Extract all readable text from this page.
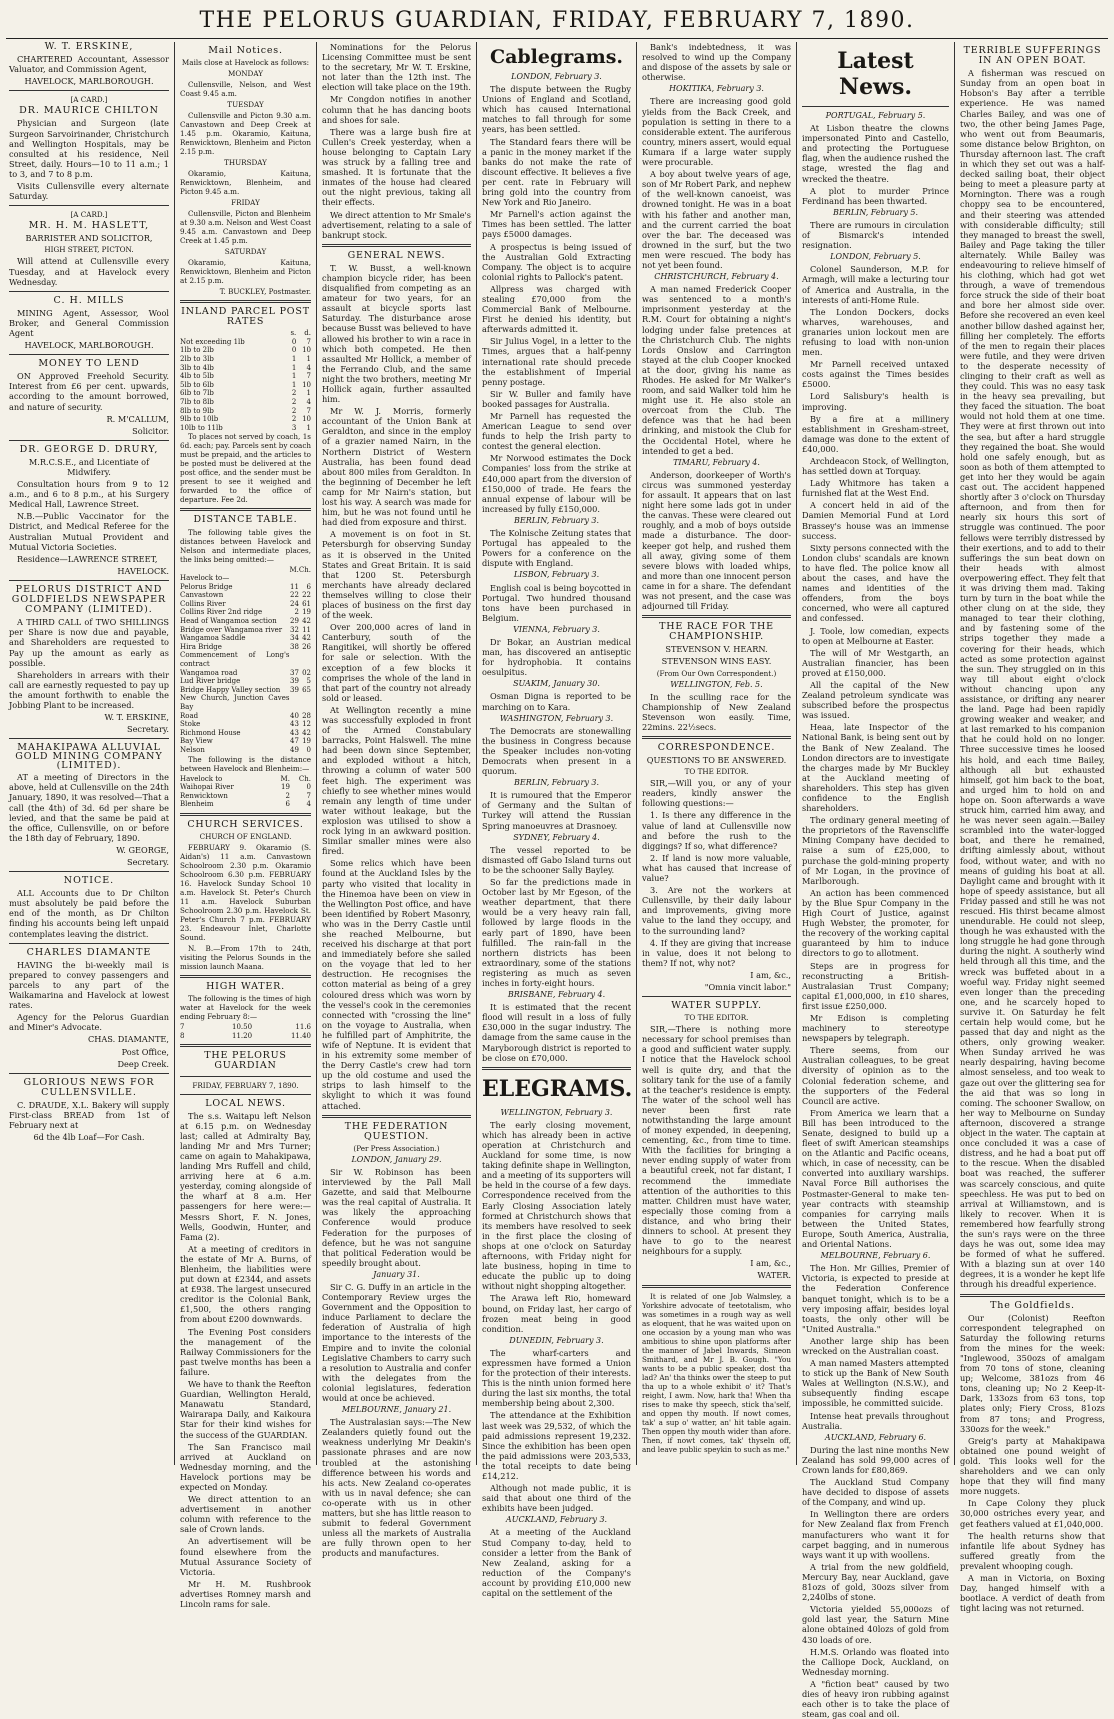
THE PELORUS GUARDIAN, FRIDAY, FEBRUARY 7, 1890.

W. T. ERSKINE,

CHARTERED Accountant, Assessor Valuator, and Commission Agent,

HAVELOCK, MARLBOROUGH.

[A CARD.]

DR. MAURICE CHILTON

Physician and Surgeon (late Surgeon Sarvoirinander, Christchurch and Wellington Hospitals, may be consulted at his residence, Neil Street, daily. Hours—10 to 11 a.m.; 1 to 3, and 7 to 8 p.m.

Visits Cullensville every alternate Saturday.

[A CARD.]

MR. H. M. HASLETT,

BARRISTER AND SOLICITOR,

HIGH STREET, PICTON.

Will attend at Cullensville every Tuesday, and at Havelock every Wednesday.

C. H. MILLS

MINING Agent, Assessor, Wool Broker, and General Commission Agent

HAVELOCK, MARLBOROUGH.

MONEY TO LEND

ON Approved Freehold Security. Interest from £6 per cent. upwards, according to the amount borrowed, and nature of security.

R. M'CALLUM,

Solicitor.

DR. GEORGE D. DRURY,

M.R.C.S.E., and Licentiate of Midwifery.

Consultation hours from 9 to 12 a.m., and 6 to 8 p.m., at his Surgery Medical Hall, Lawrence Street.

N.B.—Public Vaccinator for the District, and Medical Referee for the Australian Mutual Provident and Mutual Victoria Societies.

Residence—LAWRENCE STREET,

HAVELOCK.

PELORUS DISTRICT AND GOLDFIELDS NEWSPAPER COMPANY (LIMITED).

A THIRD CALL of TWO SHILLINGS per Share is now due and payable, and Shareholders are requested to Pay up the amount as early as possible.

Shareholders in arrears with their call are earnestly requested to pay up the amount forthwith to enable the Jobbing Plant to be increased.

W. T. ERSKINE,

Secretary.

MAHAKIPAWA ALLUVIAL GOLD MINING COMPANY (LIMITED).

AT a meeting of Directors in the above, held at Cullensville on the 24th January, 1890, it was resolved—That a call (the 4th) of 3d. 6d per share be levied, and that the same be paid at the office, Cullensville, on or before the 18th day of February, 1890.

W. GEORGE,

Secretary.

NOTICE.

ALL Accounts due to Dr Chilton must absolutely be paid before the end of the month, as Dr Chilton finding his accounts being left unpaid contemplates leaving the district.

CHARLES DIAMANTE

HAVING the bi-weekly mail is prepared to convey passengers and parcels to any part of the Waikamarina and Havelock at lowest rates.

Agency for the Pelorus Guardian and Miner's Advocate.

CHAS. DIAMANTE,

Post Office,

Deep Creek.

GLORIOUS NEWS FOR CULLENSVILLE.

C. DRAUDE, X.L. Bakery will supply First-class BREAD from 1st of February next at

6d the 4lb Loaf—For Cash.

Mail Notices.

Mails close at Havelock as follows:

MONDAY

Cullensville, Nelson, and West Coast 9.45 a.m.

TUESDAY

Cullensville and Picton 9.30 a.m. Canvastown and Deep Creek at 1.45 p.m. Okaramio, Kaituna, Renwicktown, Blenheim and Picton 2.15 p.m.

THURSDAY

Okaramio, Kaituna, Renwicktown, Blenheim, and Picton 9.45 a.m.

FRIDAY

Cullensville, Picton and Blenheim at 9.30 a.m. Nelson and West Coast 9.45 a.m. Canvastown and Deep Creek at 1.45 p.m.

SATURDAY

Okaramio, Kaituna, Renwicktown, Blenheim and Picton at 2.15 p.m.

T. BUCKLEY, Postmaster.

INLAND PARCEL POST RATES

	s.	d.
Not exceeding 1lb	0	7
1lb to 2lb	0	10
2lb to 3lb	1	1
3lb to 4lb	1	4
4lb to 5lb	1	7
5lb to 6lb	1	10
6lb to 7lb	2	1
7lb to 8lb	2	4
8lb to 9lb	2	7
9lb to 10lb	2	10
10lb to 11lb	3	1

To places not served by coach, 1s 6d. each; pay. Parcels sent by coach must be prepaid, and the articles to be posted must be delivered at the post office, and the sender must be present to see it weighed and forwarded to the office of departure. Fee 2d.

DISTANCE TABLE.

The following table gives the distances between Havelock and Nelson and intermediate places, the links being omitted:—

	M.	Ch.
Havelock to—		
Pelorus Bridge	11	6
Canvastown	22	22
Collins River	24	61
Collins River 2nd ridge	2	19
Head of Wangamoa section	29	42
Bridge over Wangamoa river	32	11
Wangamoa Saddle	34	42
Hira Bridge	38	26
Commencement of Long's contract		
Wangamoa road	37	02
Lud River bridge	39	5
Bridge Happy Valley section	39	65
New Church, Junction Caves Bay		
Road	40	28
Stoke	43	12
Richmond House	43	42
Bay View	47	19
Nelson	49	0

The following is the distance between Havelock and Blenheim:—

Havelock to	M.	Ch.
Waihopai River	19	0
Renwicktown	2	7
Blenheim	6	4

CHURCH SERVICES.

CHURCH OF ENGLAND.

FEBRUARY 9. Okaramio (S. Aidan's) 11 a.m. Canvastown Schoolroom 2.30 p.m. Okaramio Schoolroom 6.30 p.m. FEBRUARY 16. Havelock Sunday School 10 a.m. Havelock St. Peter's Church 11 a.m. Havelock Suburban Schoolroom 2.30 p.m. Havelock St. Peter's Church 7 p.m. FEBRUARY 23. Endeavour Inlet, Charlotte Sound.

N. B.—From 17th to 24th, visiting the Pelorus Sounds in the mission launch Maana.

HIGH WATER.

The following is the times of high water at Havelock for the week ending February 8:—

7	10.50	11.6
8	11.20	11.40

THE PELORUS GUARDIAN

FRIDAY, FEBRUARY 7, 1890.

LOCAL NEWS.

The s.s. Waitapu left Nelson at 6.15 p.m. on Wednesday last; called at Admiralty Bay, landing Mr and Mrs Turner; came on again to Mahakipawa, landing Mrs Ruffell and child, arriving here at 6 a.m. yesterday, coming alongside of the wharf at 8 a.m. Her passengers for here were:—Messrs Short, F. N. Jones, Wells, Goodwin, Hunter, and Fama (2).

At a meeting of creditors in the estate of Mr A. Burns, of Blenheim, the liabilities were put down at £2344, and assets at £938. The largest unsecured creditor is the Colonial Bank, £1,500, the others ranging from about £200 downwards.

The Evening Post considers the management of the Railway Commissioners for the past twelve months has been a failure.

We have to thank the Reefton Guardian, Wellington Herald, Manawatu Standard, Wairarapa Daily, and Kaikoura Star for their kind wishes for the success of the GUARDIAN.

The San Francisco mail arrived at Auckland on Wednesday morning, and the Havelock portions may be expected on Monday.

We direct attention to an advertisement in another column with reference to the sale of Crown lands.

An advertisement will be found elsewhere from the Mutual Assurance Society of Victoria.

Mr H. M. Rushbrook advertises Romney marsh and Lincoln rams for sale.

Nominations for the Pelorus Licensing Committee must be sent to the secretary, Mr W. T. Erskine, not later than the 12th inst. The election will take place on the 19th.

Mr Congdon notifies in another column that he has dancing boots and shoes for sale.

There was a large bush fire at Cullen's Creek yesterday, when a house belonging to Captain Lary was struck by a falling tree and smashed. It is fortunate that the inmates of the house had cleared out the night previous, taking all their effects.

We direct attention to Mr Smale's advertisement, relating to a sale of bankrupt stock.

GENERAL NEWS.

T. W. Busst, a well-known champion bicycle rider, has been disqualified from competing as an amateur for two years, for an assault at bicycle sports last Saturday. The disturbance arose because Busst was believed to have allowed his brother to win a race in which both competed. He then assaulted Mr Hollick, a member of the Ferrando Club, and the same night the two brothers, meeting Mr Hollick again, further assaulted him.

Mr W. J. Morris, formerly accountant of the Union Bank at Geraldton, and since in the employ of a grazier named Nairn, in the Northern District of Western Australia, has been found dead about 800 miles from Geraldton. In the beginning of December he left camp for Mr Nairn's station, but lost his way. A search was made for him, but he was not found until he had died from exposure and thirst.

A movement is on foot in St. Petersburgh for observing Sunday as it is observed in the United States and Great Britain. It is said that 1200 St. Petersburgh merchants have already declared themselves willing to close their places of business on the first day of the week.

Over 200,000 acres of land in Canterbury, south of the Rangitikei, will shortly be offered for sale or selection. With the exception of a few blocks it comprises the whole of the land in that part of the country not already sold or leased.

At Wellington recently a mine was successfully exploded in front of the Armed Constabulary barracks, Point Halswell. The mine had been down since September, and exploded without a hitch, throwing a column of water 500 feet high. The experiment was chiefly to see whether mines would remain any length of time under water without leakage, but the explosion was utilised to show a rock lying in an awkward position. Similar smaller mines were also fired.

Some relics which have been found at the Auckland Isles by the party who visited that locality in the Hinemoa have been on view in the Wellington Post office, and have been identified by Robert Masonry, who was in the Derry Castle until she reached Melbourne, but received his discharge at that port and immediately before she sailed on the voyage that led to her destruction. He recognises the cotton material as being of a grey coloured dress which was worn by the vessel's cook in the ceremonies connected with "crossing the line" on the voyage to Australia, when he fulfilled part of Amphitrite, the wife of Neptune. It is evident that in his extremity some member of the Derry Castle's crew had torn up the old costume and used the strips to lash himself to the skylight to which it was found attached.

THE FEDERATION QUESTION.

(Per Press Association.)

LONDON, January 29.

Sir W. Robinson has been interviewed by the Pall Mall Gazette, and said that Melbourne was the real capital of Australia. It was likely the approaching Conference would produce Federation for the purposes of defence, but he was not sanguine that political Federation would be speedily brought about.

January 31.

Sir C. G. Duffy in an article in the Contemporary Review urges the Government and the Opposition to induce Parliament to declare the federation of Australia of high importance to the interests of the Empire and to invite the colonial Legislative Chambers to carry such a resolution to Australia and confer with the delegates from the colonial legislatures, federation would at once be achieved.

MELBOURNE, January 21.

The Australasian says:—The New Zealanders quietly found out the weakness underlying Mr Deakin's passionate phrases and are now troubled at the astonishing difference between his words and his acts. New Zealand co-operates with us in naval defence; she can co-operate with us in other matters, but she has little reason to submit to federal Government unless all the markets of Australia are fully thrown open to her products and manufactures.

Cablegrams.

LONDON, February 3.

The dispute between the Rugby Unions of England and Scotland, which has caused International matches to fall through for some years, has been settled.

The Standard fears there will be a panic in the money market if the banks do not make the rate of discount effective. It believes a five per cent. rate in February will bring gold into the country from New York and Rio Janeiro.

Mr Parnell's action against the Times has been settled. The latter pays £5000 damages.

A prospectus is being issued of the Australian Gold Extracting Company. The object is to acquire colonial rights to Pallock's patent.

Allpress was charged with stealing £70,000 from the Commercial Bank of Melbourne. First he denied his identity, but afterwards admitted it.

Sir Julius Vogel, in a letter to the Times, argues that a half-penny international rate should precede the establishment of Imperial penny postage.

Sir W. Buller and family have booked passages for Australia.

Mr Parnell has requested the American League to send over funds to help the Irish party to contest the general election.

Mr Norwood estimates the Dock Companies' loss from the strike at £40,000 apart from the diversion of £150,000 of trade. He fears the annual expense of labour will be increased by fully £150,000.

BERLIN, February 3.

The Kolnische Zeitung states that Portugal has appealed to the Powers for a conference on the dispute with England.

LISBON, February 3.

English coal is being boycotted in Portugal. Two hundred thousand tons have been purchased in Belgium.

VIENNA, February 3.

Dr Bokar, an Austrian medical man, has discovered an antiseptic for hydrophobia. It contains oesulpitus.

SUAKIM, January 30.

Osman Digna is reported to be marching on to Kara.

WASHINGTON, February 3.

The Democrats are stonewalling the business in Congress because the Speaker includes non-voting Democrats when present in a quorum.

BERLIN, February 3.

It is rumoured that the Emperor of Germany and the Sultan of Turkey will attend the Russian Spring manoeuvres at Drasnoey.

SYDNEY, February 4.

The vessel reported to be dismasted off Gabo Island turns out to be the schooner Sally Bayley.

So far the predictions made in October last by Mr Egeson, of the weather department, that there would be a very heavy rain fall, followed by large floods in the early part of 1890, have been fulfilled. The rain-fall in the northern districts has been extraordinary, some of the stations registering as much as seven inches in forty-eight hours.

BRISBANE, February 4.

It is estimated that the recent flood will result in a loss of fully £30,000 in the sugar industry. The damage from the same cause in the Maryborough district is reported to be close on £70,000.

ELEGRAMS.

WELLINGTON, February 3.

The early closing movement, which has already been in active operation at Christchurch and Auckland for some time, is now taking definite shape in Wellington, and a meeting of its supporters will be held in the course of a few days. Correspondence received from the Early Closing Association lately formed at Christchurch shows that its members have resolved to seek in the first place the closing of shops at one o'clock on Saturday afternoons, with Friday night for late business, hoping in time to educate the public up to doing without night shopping altogether.

The Arawa left Rio, homeward bound, on Friday last, her cargo of frozen meat being in good condition.

DUNEDIN, February 3.

The wharf-carters and expressmen have formed a Union for the protection of their interests. This is the ninth union formed here during the last six months, the total membership being about 2,300.

The attendance at the Exhibition last week was 29,532, of which the paid admissions represent 19,232. Since the exhibition has been open the paid admissions were 203,533, the total receipts to date being £14,212.

Although not made public, it is said that about one third of the exhibits have been judged.

AUCKLAND, February 3.

At a meeting of the Auckland Stud Company to-day, held to consider a letter from the Bank of New Zealand, asking for a reduction of the Company's account by providing £10,000 new capital on the settlement of the

Bank's indebtedness, it was resolved to wind up the Company and dispose of the assets by sale or otherwise.

HOKITIKA, February 3.

There are increasing good gold yields from the Back Creek, and population is setting in there to a considerable extent. The auriferous country, miners assert, would equal Kumara if a large water supply were procurable.

A boy about twelve years of age, son of Mr Robert Park, and nephew of the well-known canoeist, was drowned tonight. He was in a boat with his father and another man, and the current carried the boat over the bar. The deceased was drowned in the surf, but the two men were rescued. The body has not yet been found.

CHRISTCHURCH, February 4.

A man named Frederick Cooper was sentenced to a month's imprisonment yesterday at the R.M. Court for obtaining a night's lodging under false pretences at the Christchurch Club. The nights Lords Onslow and Carrington stayed at the club Cooper knocked at the door, giving his name as Rhodes. He asked for Mr Walker's room, and said Walker told him he might use it. He also stole an overcoat from the Club. The defence was that he had been drinking, and mistook the Club for the Occidental Hotel, where he intended to get a bed.

TIMARU, February 4.

Anderson, doorkeeper of Worth's circus was summoned yesterday for assault. It appears that on last night here some lads got in under the canvas. These were cleared out roughly, and a mob of boys outside made a disturbance. The door-keeper got help, and rushed them all away, giving some of them severe blows with loaded whips, and more than one innocent person came in for a share. The defendant was not present, and the case was adjourned till Friday.

THE RACE FOR THE CHAMPIONSHIP.

STEVENSON V. HEARN.

STEVENSON WINS EASY.

(From Our Own Correspondent.)

WELLINGTON, Feb. 5.

In the sculling race for the Championship of New Zealand Stevenson won easily. Time, 22mins. 22½secs.

CORRESPONDENCE.

QUESTIONS TO BE ANSWERED.

TO THE EDITOR.

SIR,—Will you, or any of your readers, kindly answer the following questions:—

1. Is there any difference in the value of land at Cullensville now and before the rush to the diggings? If so, what difference?

2. If land is now more valuable, what has caused that increase of value?

3. Are not the workers at Cullensville, by their daily labour and improvements, giving more value to the land they occupy, and to the surrounding land?

4. If they are giving that increase in value, does it not belong to them? If not, why not?

I am, &c.,

"Omnia vincit labor."

WATER SUPPLY.

TO THE EDITOR.

SIR,—There is nothing more necessary for school premises than a good and sufficient water supply. I notice that the Havelock school well is quite dry, and that the solitary tank for the use of a family at the teacher's residence is empty. The water of the school well has never been first rate notwithstanding the large amount of money expended, in deepening, cementing, &c., from time to time. With the facilities for bringing a never ending supply of water from a beautiful creek, not far distant, I recommend the immediate attention of the authorities to this matter. Children must have water, especially those coming from a distance, and who bring their dinners to school. At present they have to go to the nearest neighbours for a supply.

I am, &c.,

WATER.

It is related of one Job Walmsley, a Yorkshire advocate of teetotalism, who was sometimes in a rough way as well as eloquent, that he was waited upon on one occasion by a young man who was ambitious to shine upon platforms after the manner of Jabel Inwards, Simeon Smithard, and Mr J. B. Gough. "You wants to be a public speaker, dost tha lad? An' tha thinks ower the steep to put tha up to a whole exhibit o' it? That's reight, I awm. Now, hark tha! When tha rises to make thy speech, stick tha'self, and oppen thy mouth. If nowt comes, tak' a sup o' watter, an' hit table again. Then oppen thy mouth wider than afore. Then, if nowt comes, tak' thyseln off, and leave public speykin to such as me."

Latest News.

PORTUGAL, February 5.

At Lisbon theatre the clowns impersonated Pinto and Castello, and protecting the Portuguese flag, when the audience rushed the stage, wrested the flag and wrecked the theatre.

A plot to murder Prince Ferdinand has been thwarted.

BERLIN, February 5.

There are rumours in circulation of Bismarck's intended resignation.

LONDON, February 5.

Colonel Saunderson, M.P. for Armagh, will make a lecturing tour of America and Australia, in the interests of anti-Home Rule.

The London Dockers, docks wharves, warehouses, and granaries union lockout men are refusing to load with non-union men.

Mr Parnell received untaxed costs against the Times besides £5000.

Lord Salisbury's health is improving.

By a fire at a millinery establishment in Gresham-street, damage was done to the extent of £40,000.

Archdeacon Stock, of Wellington, has settled down at Torquay.

Lady Whitmore has taken a furnished flat at the West End.

A concert held in aid of the Damien Memorial Fund at Lord Brassey's house was an immense success.

Sixty persons connected with the London clubs' scandals are known to have fled. The police know all about the cases, and have the names and identities of the offenders, from the boys concerned, who were all captured and confessed.

J. Toole, low comedian, expects to open at Melbourne at Easter.

The will of Mr Westgarth, an Australian financier, has been proved at £150,000.

All the capital of the New Zealand petroleum syndicate was subscribed before the prospectus was issued.

Heaa, late Inspector of the National Bank, is being sent out by the Bank of New Zealand. The London directors are to investigate the charges made by Mr Buckley at the Auckland meeting of shareholders. This step has given confidence to the English shareholders.

The ordinary general meeting of the proprietors of the Ravenscliffe Mining Company have decided to raise a sum of £25,000, to purchase the gold-mining property of Mr Logan, in the province of Marlborough.

An action has been commenced by the Blue Spur Company in the High Court of Justice, against Hugh Webster, the promoter, for the recovery of the working capital guaranteed by him to induce directors to go to allotment.

Steps are in progress for reconstructing a British-Australasian Trust Company; capital £1,000,000, in £10 shares, first issue £250,000.

Mr Edison is completing machinery to stereotype newspapers by telegraph.

There seems, from our Australian colleagues, to be great diversity of opinion as to the Colonial federation scheme, and the supporters of the Federal Council are active.

From America we learn that a Bill has been introduced to the Senate, designed to build up a fleet of swift American steamships on the Atlantic and Pacific oceans, which, in case of necessity, can be converted into auxiliary warships. Naval Force Bill authorises the Postmaster-General to make ten-year contracts with steamship companies for carrying mails between the United States, Europe, South America, Australia, and Oriental Nations.

MELBOURNE, February 6.

The Hon. Mr Gillies, Premier of Victoria, is expected to preside at the Federation Conference banquet tonight, which is to be a very imposing affair, besides loyal toasts, the only other will be "United Australia."

Another large ship has been wrecked on the Australian coast.

A man named Masters attempted to stick up the Bank of New South Wales at Wellington (N.S.W.), and subsequently finding escape impossible, he committed suicide.

Intense heat prevails throughout Australia.

AUCKLAND, February 6.

During the last nine months New Zealand has sold 99,000 acres of Crown lands for £80,869.

The Auckland Stud Company have decided to dispose of assets of the Company, and wind up.

In Wellington there are orders for New Zealand flax from French manufacturers who want it for carpet bagging, and in numerous ways want it up with woollens.

A trial from the new goldfield, Mercury Bay, near Auckland, gave 81ozs of gold, 30ozs silver from 2,240lbs of stone.

Victoria yielded 55,000ozs of gold last year, the Saturn Mine alone obtained 40lozs of gold from 430 loads of ore.

H.M.S. Orlando was floated into the Calliope Dock, Auckland, on Wednesday morning.

A "fiction beat" caused by two dies of heavy iron rubbing against each other is to take the place of steam, gas coal and oil.

TERRIBLE SUFFERINGS IN AN OPEN BOAT.

A fisherman was rescued on Sunday from an open boat in Hobson's Bay after a terrible experience. He was named Charles Bailey, and was one of two, the other being James Page, who went out from Beaumaris, some distance below Brighton, on Thursday afternoon last. The craft in which they set out was a half-decked sailing boat, their object being to meet a pleasure party at Mornington. There was a rough choppy sea to be encountered, and their steering was attended with considerable difficulty; still they managed to breast the swell, Bailey and Page taking the tiller alternately. While Bailey was endeavouring to relieve himself of his clothing, which had got wet through, a wave of tremendous force struck the side of their boat and bore her almost side over. Before she recovered an even keel another billow dashed against her, filling her completely. The efforts of the men to regain their places were futile, and they were driven to the desperate necessity of clinging to their craft as well as they could. This was no easy task in the heavy sea prevailing, but they faced the situation. The boat would not hold them at one time. They were at first thrown out into the sea, but after a hard struggle they regained the boat. She would hold one safely enough, but as soon as both of them attempted to get into her they would be again cast out. The accident happened shortly after 3 o'clock on Thursday afternoon, and from then for nearly six hours this sort of struggle was continued. The poor fellows were terribly distressed by their exertions, and to add to their sufferings the sun beat down on their heads with almost overpowering effect. They felt that it was driving them mad. Taking turn by turn in the boat while the other clung on at the side, they managed to tear their clothing, and by fastening some of the strips together they made a covering for their heads, which acted as some protection against the sun. They struggled on in this way till about eight o'clock without chancing upon any assistance, or drifting any nearer the land. Page had been rapidly growing weaker and weaker, and at last remarked to his companion that he could hold on no longer. Three successive times he loosed his hold, and each time Bailey, although all but exhausted himself, got him back to the boat, and urged him to hold on and hope on. Soon afterwards a wave struck him, carried him away, and he was never seen again.—Bailey scrambled into the water-logged boat, and there he remained, drifting aimlessly about, without food, without water, and with no means of guiding his boat at all. Daylight came and brought with it hope of speedy assistance, but all Friday passed and still he was not rescued. His thirst became almost unendurable. He could not sleep, though he was exhausted with the long struggle he had gone through during the night. A southerly wind held through all this time, and the wreck was buffeted about in a woeful way. Friday night seemed even longer than the preceding one, and he scarcely hoped to survive it. On Saturday he felt certain help would come, but he passed that day and night as the others, only growing weaker. When Sunday arrived he was nearly despairing, having become almost senseless, and too weak to gaze out over the glittering sea for the aid that was so long in coming. The schooner Swallow, on her way to Melbourne on Sunday afternoon, discovered a strange object in the water. The captain at once concluded it was a case of distress, and he had a boat put off to the rescue. When the disabled boat was reached, the sufferer was scarcely conscious, and quite speechless. He was put to bed on arrival at Williamstown, and is likely to recover. When it is remembered how fearfully strong the sun's rays were on the three days he was out, some idea may be formed of what he suffered. With a blazing sun at over 140 degrees, it is a wonder he kept life through his dreadful experience.

The Goldfields.

Our (Colonist) Reefton correspondent telegraphed on Saturday the following returns from the mines for the week: "Inglewood, 350ozs of amalgam from 70 tons of stone, cleaning up; Welcome, 381ozs from 46 tons, cleaning up; No 2 Keep-it-Dark, 133ozs from 63 tons, top plates only; Fiery Cross, 81ozs from 87 tons; and Progress, 330ozs for the week."

Greig's party at Mahakipawa obtained one pound weight of gold. This looks well for the shareholders and we can only hope that they will find many more nuggets.

In Cape Colony they pluck 30,000 ostriches every year, and get feathers valued at £1,040,000.

The health returns show that infantile life about Sydney has suffered greatly from the prevalent whooping cough.

A man in Victoria, on Boxing Day, hanged himself with a bootlace. A verdict of death from tight lacing was not returned.
